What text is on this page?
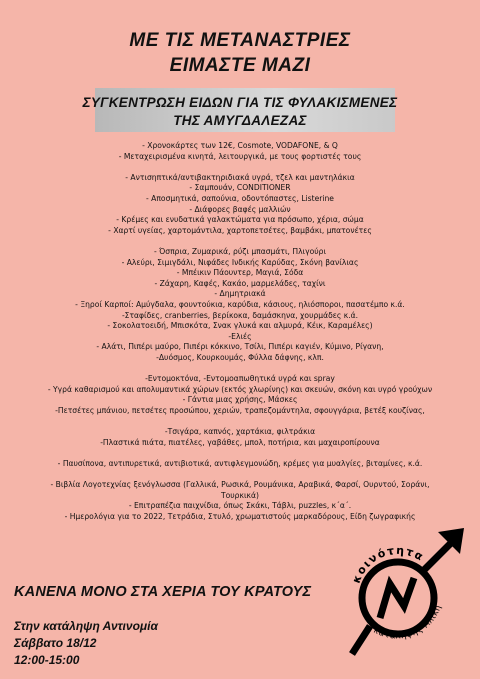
ΜΕ ΤΙΣ ΜΕΤΑΝΑΣΤΡΙΕΣ
ΕΙΜΑΣΤΕ ΜΑΖΙ
ΣΥΓΚΕΝΤΡΩΣΗ ΕΙΔΩΝ ΓΙΑ ΤΙΣ ΦΥΛΑΚΙΣΜΕΝΕΣ
ΤΗΣ ΑΜΥΓΔΑΛΕΖΑΣ
- Χρονοκάρτες των 12€, Cosmote, VODAFONE, & Q
- Μεταχειρισμένα κινητά, λειτουργικά, με τους φορτιστές τους
- Αντισηπτικά/αντιβακτηριδιακά υγρά, τζελ και μαντηλάκια
- Σαμπουάν, CONDITIONER
- Αποσμητικά, σαπούνια, οδοντόπαστες, Listerine
- Διάφορες βαφές μαλλιών
- Κρέμες και ενυδατικά γαλακτώματα για πρόσωπο, χέρια, σώμα
- Χαρτί υγείας, χαρτομάντιλα, χαρτοπετσέτες, βαμβάκι, μπατονέτες
- Όσπρια, Ζυμαρικά, ρύζι μπασμάτι, Πλιγούρι
- Αλεύρι, Σιμιγδάλι, Νιφάδες Ινδικής Καρύδας, Σκόνη βανίλιας
- Μπέικιν Πάουντερ, Μαγιά, Σόδα
- Ζάχαρη, Καφές, Κακάο, μαρμελάδες, ταχίνι
- Δημητριακά
- Ξηροί Καρποί: Αμύγδαλα, φουντούκια, καρύδια, κάσιους, ηλιόσποροι, πασατέμπο κ.ά.
-Σταφίδες, cranberries, βερίκοκα, δαμάσκηνα, χουρμάδες κ.ά.
- Σοκολατοειδή, Μπισκότα, Σνακ γλυκά και αλμυρά, Κέικ, Καραμέλες)
-Ελιές
- Αλάτι, Πιπέρι μαύρο, Πιπέρι κόκκινο, Τσίλι, Πιπέρι καγιέν, Κύμινο, Ρίγανη,
-Δυόσμος, Κουρκουμάς, Φύλλα δάφνης, κλπ.
-Εντομοκτόνα, -Εντομοαπωθητικά υγρά και spray
- Υγρά καθαρισμού και απολυμαντικά χώρων (εκτός χλωρίνης) και σκευών, σκόνη και υγρό γρούχων
- Γάντια μιας χρήσης, Μάσκες
-Πετσέτες μπάνιου, πετσέτες προσώπου, χεριών, τραπεζομάντηλα, σφουγγάρια, βετέξ κουζίνας,
-Τσιγάρα, καπνός, χαρτάκια, φιλτράκια
-Πλαστικά πιάτα, πιατέλες, γαβάθες, μπολ, ποτήρια, και μαχαιροπίρουνα
- Παυσίπονα, αντιπυρετικά, αντιβιοτικά, αντιφλεγμονώδη, κρέμες για μυαλγίες, βιταμίνες, κ.ά.
- Βιβλία Λογοτεχνίας ξενόγλωσσα (Γαλλικά, Ρωσικά, Ρουμάνικα, Αραβικά, Φαρσί, Ουρντού, Σοράνι,
Τουρκικά)
- Επιτραπέζια παιχνίδια, όπως Σκάκι, Τάβλι, puzzles, κ΄α΄.
- Ημερολόγια για το 2022, Τετράδια, Στυλό, χρωματιστούς μαρκαδόρους, Είδη ζωγραφικής
ΚΑΝΕΝΑ ΜΟΝΟ ΣΤΑ ΧΕΡΙΑ ΤΟΥ ΚΡΑΤΟΥΣ
Στην κατάληψη Αντινομία
Σάββατο 18/12
12:00-15:00
κοινότητα
κατάληψης Αλίκη
